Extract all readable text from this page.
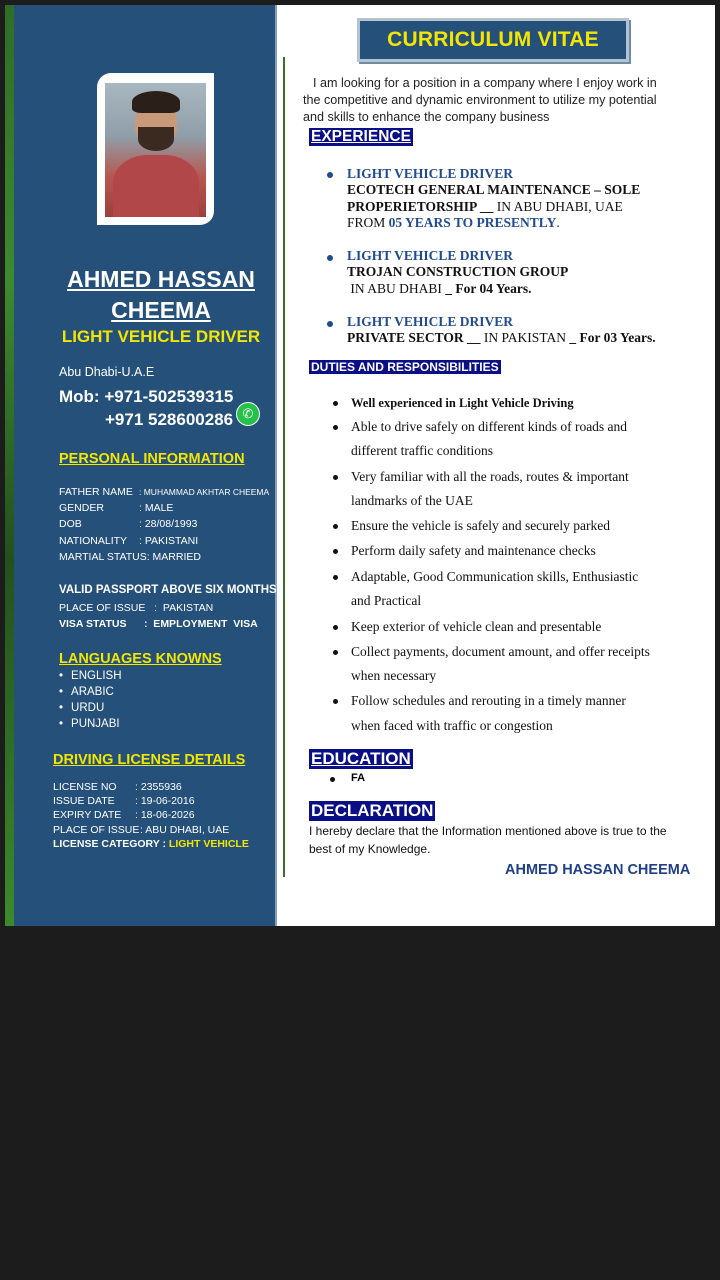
AHMED HASSAN
CHEEMA
LIGHT VEHICLE DRIVER
Abu Dhabi-U.A.E
Mob: +971-502539315
+971 528600286 ✆
PERSONAL INFORMATION
FATHER NAME : MUHAMMAD AKHTAR CHEEMA
GENDER	: MALE
DOB	: 28/08/1993
NATIONALITY : PAKISTANI
MARTIAL STATUS: MARRIED
VALID PASSPORT ABOVE SIX MONTHS
PLACE OF ISSUE   :  PAKISTAN
VISA STATUS      :  EMPLOYMENT  VISA
LANGUAGES KNOWNS
• ENGLISH
• ARABIC
• URDU
• PUNJABI
DRIVING LICENSE DETAILS
LICENSE NO : 2355936
ISSUE DATE : 19-06-2016
EXPIRY DATE : 18-06-2026
PLACE OF ISSUE: ABU DHABI, UAE
LICENSE CATEGORY : LIGHT VEHICLE
CURRICULUM VITAE
I am looking for a position in a company where I enjoy work in the competitive and dynamic environment to utilize my potential and skills to enhance the company business
EXPERIENCE
LIGHT VEHICLE DRIVER
ECOTECH GENERAL MAINTENANCE – SOLE
PROPERIETORSHIP __ IN ABU DHABI, UAE
FROM 05 YEARS TO PRESENTLY.
LIGHT VEHICLE DRIVER
TROJAN CONSTRUCTION GROUP
IN ABU DHABI _ For 04 Years.
LIGHT VEHICLE DRIVER
PRIVATE SECTOR __ IN PAKISTAN _ For 03 Years.
DUTIES AND RESPONSIBILITIES
Well experienced in Light Vehicle Driving
Able to drive safely on different kinds of roads and
different traffic conditions
Very familiar with all the roads, routes & important
landmarks of the UAE
Ensure the vehicle is safely and securely parked
Perform daily safety and maintenance checks
Adaptable, Good Communication skills, Enthusiastic
and Practical
Keep exterior of vehicle clean and presentable
Collect payments, document amount, and offer receipts
when necessary
Follow schedules and rerouting in a timely manner
when faced with traffic or congestion
EDUCATION
FA
DECLARATION
I hereby declare that the Information mentioned above is true to the best of my Knowledge.
AHMED HASSAN CHEEMA
